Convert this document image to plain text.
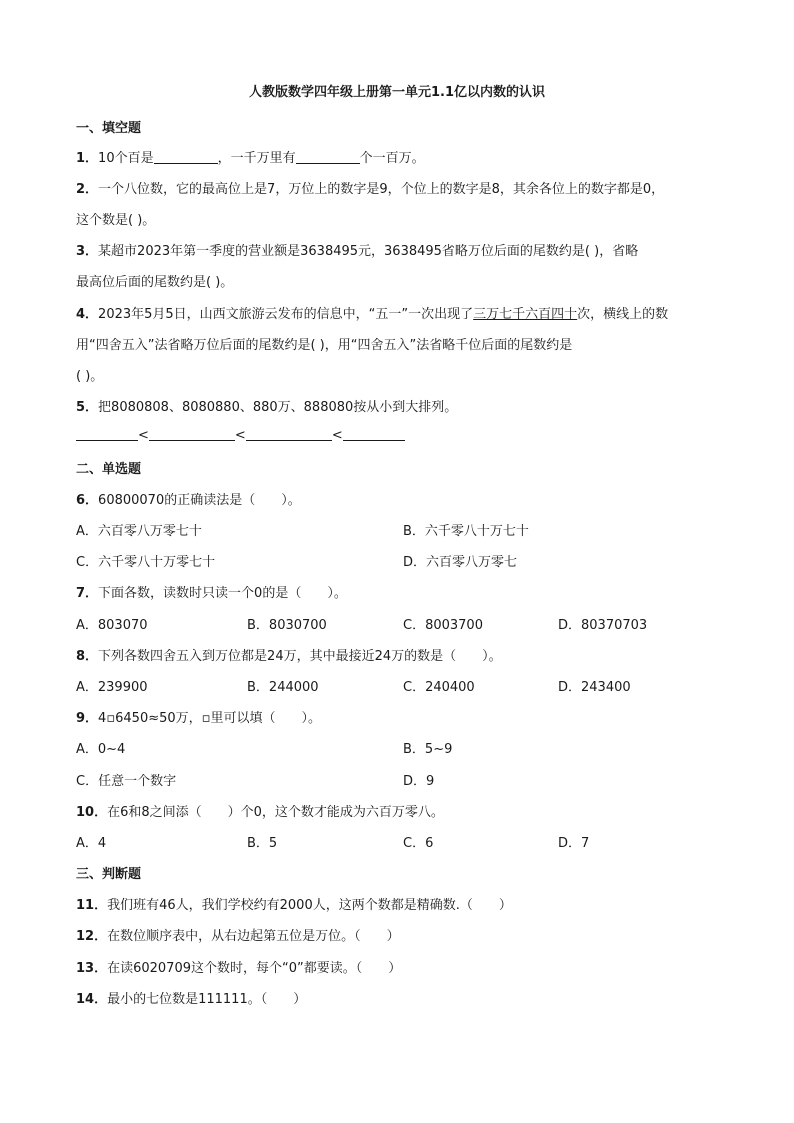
人教版数学四年级上册第一单元1.1亿以内数的认识
一、填空题
1．10个百是	，一千万里有	个一百万。
2．一个八位数，它的最高位上是7，万位上的数字是9，个位上的数字是8，其余各位上的数字都是0，
这个数是( )。
3．某超市2023年第一季度的营业额是3638495元，3638495省略万位后面的尾数约是( )，省略
最高位后面的尾数约是( )。
4．2023年5月5日，山西文旅游云发布的信息中，“五一”一次出现了三万七千六百四十次，横线上的数
用“四舍五入”法省略万位后面的尾数约是( )，用“四舍五入”法省略千位后面的尾数约是
( )。
5．把8080808、8080880、880万、888080按从小到大排列。
<	<	<
二、单选题
6．60800070的正确读法是（　　）。
A．六百零八万零七十	B．六千零八十万七十
C．六千零八十万零七十	D．六百零八万零七
7．下面各数，读数时只读一个0的是（　　）。
A．803070	B．8030700	C．8003700	D．80370703
8．下列各数四舍五入到万位都是24万，其中最接近24万的数是（　　）。
A．239900	B．244000	C．240400	D．243400
9．4▫6450≈50万，▫里可以填（　　）。
A．0~4	B．5~9
C．任意一个数字	D．9
10．在6和8之间添（　　）个0，这个数才能成为六百万零八。
A．4	B．5	C．6	D．7
三、判断题
11．我们班有46人，我们学校约有2000人，这两个数都是精确数.（　　）
12．在数位顺序表中，从右边起第五位是万位。（　　）
13．在读6020709这个数时，每个“0”都要读。（　　）
14．最小的七位数是111111。（　　）
